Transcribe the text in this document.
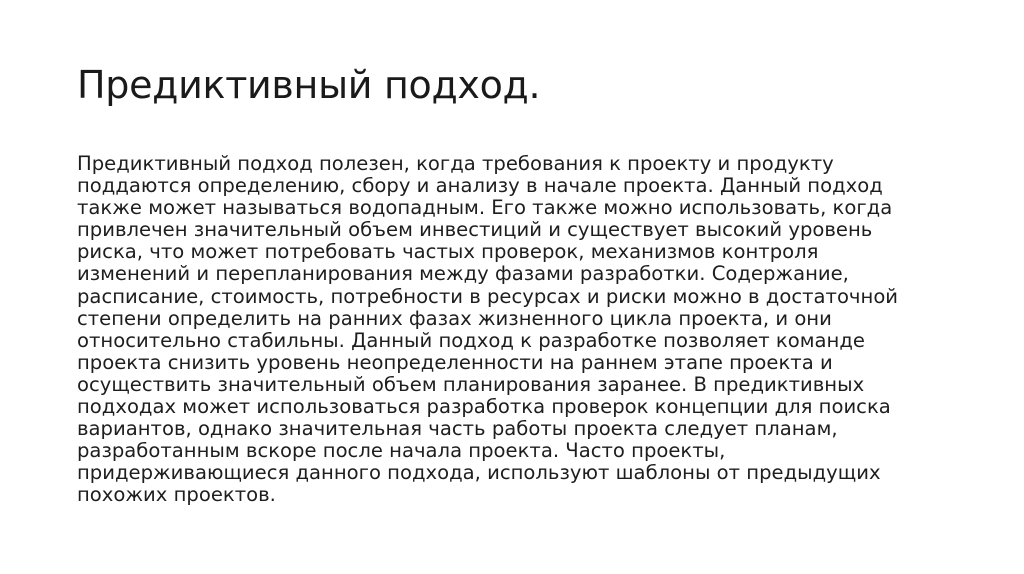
Предиктивный подход.
Предиктивный подход полезен, когда требования к проекту и продукту
поддаются определению, сбору и анализу в начале проекта. Данный подход
также может называться водопадным. Его также можно использовать, когда
привлечен значительный объем инвестиций и существует высокий уровень
риска, что может потребовать частых проверок, механизмов контроля
изменений и перепланирования между фазами разработки. Содержание,
расписание, стоимость, потребности в ресурсах и риски можно в достаточной
степени определить на ранних фазах жизненного цикла проекта, и они
относительно стабильны. Данный подход к разработке позволяет команде
проекта снизить уровень неопределенности на раннем этапе проекта и
осуществить значительный объем планирования заранее. В предиктивных
подходах может использоваться разработка проверок концепции для поиска
вариантов, однако значительная часть работы проекта следует планам,
разработанным вскоре после начала проекта. Часто проекты,
придерживающиеся данного подхода, используют шаблоны от предыдущих
похожих проектов.
